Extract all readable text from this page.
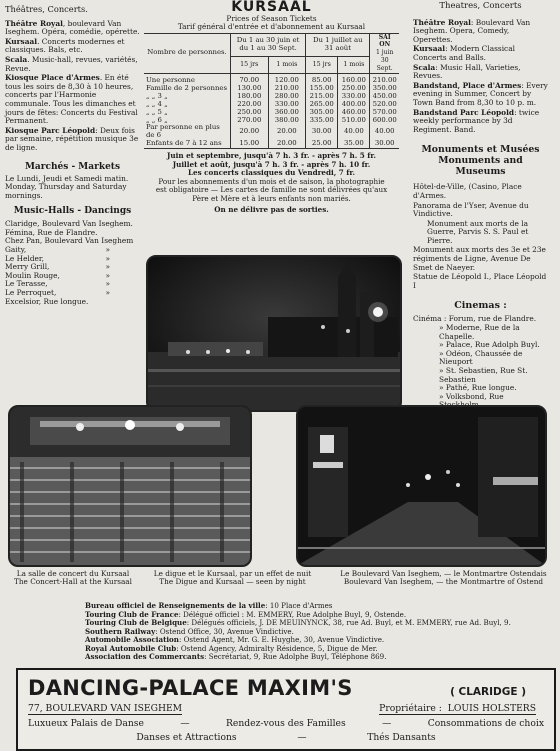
Théâtres, Concerts.

Théâtre Royal, boulevard Van Iseghem. Opéra, comédie, opérette.

Kursaal. Concerts modernes et classiques. Bals, etc.

Scala. Music-hall, revues, variétés, Revue.

Kiosque Place d'Armes. En été tous les soirs de 8,30 à 10 heures, concerts par l'Harmonie communale. Tous les dimanches et jours de fêtes: Concerts du Festival Permanent.

Kiosque Parc Léopold: Deux fois par semaine, répétition musique 3e de ligne.

Marchés - Markets

Le Lundi, Jeudi et Samedi matin. Monday, Thursday and Saturday mornings.

Music-Halls - Dancings
Claridge, Boulevard Van Iseghem.
Fémina, Rue de Flandre.
Chez Pan, Boulevard Van Iseghem
Gaity,	»
Le Helder,	»
Merry Grill,	»
Moulin Rouge,	»
Le Terasse,	»
Le Perroquet,	»
Excelsior, Rue longue.
KURSAAL
Prices of Season Tickets
Tarif général d'entrée et d'abonnement au Kursaal
Nombre de personnes.	Du 1 au 30 juin et du 1 au 30 Sept.		Du 1 juillet au 31 août		SAI ON
1 juin
30 Sept.
	15 jrs	1 mois	15 jrs	1 mois	
Une personne	70.00	120.00	85.00	160.00	210.00
Famille de 2 personnes	130.00	210.00	155.00	250.00	350.00
„ „ 3 „	180.00	280.00	215.00	330.00	450.00
„ „ 4 „	220.00	330.00	265.00	400.00	520.00
„ „ 5 „	250.00	360.00	305.00	460.00	570.00
„ „ 6 „	270.00	380.00	335.00	510.00	600.00
Par personne en plus de 6	20.00	20.00	30.00	40.00	40.00
Enfants de 7 à 12 ans	15.00	20.00	25.00	35.00	30.00
Juin et septembre, jusqu'à 7 h. 3 fr. - après 7 h. 5 fr.
Juillet et août, jusqu'à 7 h. 3 fr. - après 7 h. 10 fr.
Les concerts classiques du Vendredi, 7 fr.
Pour les abonnements d'un mois et de saison, la photographie est obligatoire — Les cartes de famille ne sont délivrées qu'aux Père et Mère et à leurs enfants non mariés.
On ne délivre pas de sorties.
Theatres, Concerts

Théâtre Royal: Boulevard Van Iseghem. Opera, Comedy, Operettes.

Kursaal: Modern Classical Concerts and Balls.

Scala: Music Hall, Varieties, Revues.

Bandstand, Place d'Armes: Every evening in Summer, Concert by Town Band from 8,30 to 10 p. m.

Bandstand Parc Léopold: twice weekly performance by 3d Regiment. Band.

Monuments et Musées
Monuments and Museums

Hôtel-de-Ville, (Casino, Place d'Armes.

Panorama de l'Yser, Avenue du Vindictive.

Monument aux morts de la Guerre, Parvis S. S. Paul et Pierre.

Monument aux morts des 3e et 23e régiments de Ligne, Avenue De Smet de Naeyer.

Statue de Léopold I., Place Léopold I

Cinemas :
Cinéma : Forum, rue de Flandre.
» Moderne, Rue de la Chapelle.
» Palace, Rue Adolph Buyl.
» Odéon, Chaussée de Nieuport
» St. Sebastien, Rue St. Sebastien
» Pathé, Rue longue.
» Volksbond, Rue
La salle de concert du Kursaal
The Concert-Hall at the Kursaal
Le digue et le Kursaal, par un effet de nuit
The Digue and Kursaal — seen by night
Le Boulevard Van Iseghem, — le Montmartre Ostendais
Boulevard Van Iseghem, — the Montmartre of Ostend
Bureau officiel de Renseignements de la ville: 10 Place d'Armes
Touring Club de France: Délégué officiel : M. EMMERY, Rue Adolphe Buyl, 9, Ostende.
Touring Club de Belgique: Délégués officiels, J. DE MEUINYNCK, 38, rue Ad. Buyl, et M. EMMERY, rue Ad. Buyl, 9.
Southern Railway: Ostend Office, 30, Avenue Vindictive.
Automobile Association: Ostend Agent, Mr. G. E. Huyghe, 30, Avenue Vindictive.
Royal Automobile Club: Ostend Agency, Admiralty Résidence, 5, Digue de Mer.
Association des Commercants: Secrétariat, 9, Rue Adolphe Buyl, Téléphone 869.
DANCING-PALACE MAXIM'S	( CLARIDGE )
77, BOULEVARD VAN ISEGHEM	Propriétaire : LOUIS HOLSTERS
Luxueux Palais de Danse	—	Rendez-vous des Familles	—	Consommations de choix
Danses et Attractions	—	Thés Dansants
